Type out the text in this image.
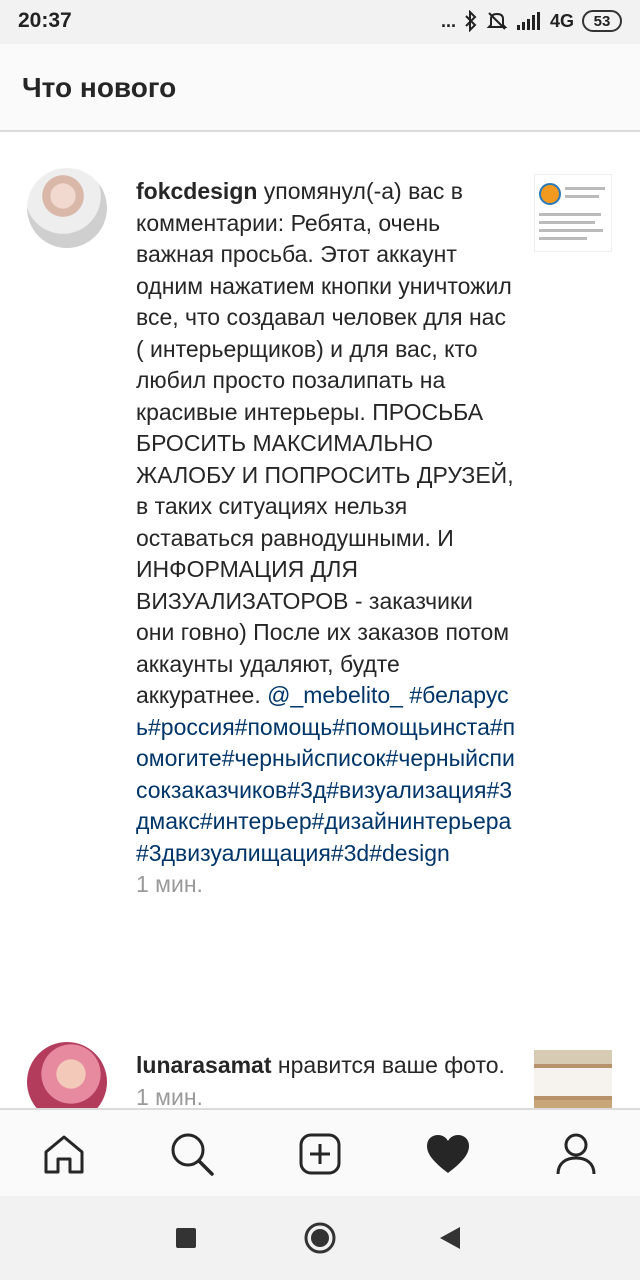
20:37	...	4G	53
Что нового

fokcdesign упомянул(-а) вас в комментарии: Ребята, очень важная просьба. Этот аккаунт одним нажатием кнопки уничтожил все, что создавал человек для нас ( интерьерщиков) и для вас, кто любил просто позалипать на красивые интерьеры. ПРОСЬБА БРОСИТЬ МАКСИМАЛЬНО ЖАЛОБУ И ПОПРОСИТЬ ДРУЗЕЙ, в таких ситуациях нельзя оставаться равнодушными. И ИНФОРМАЦИЯ ДЛЯ ВИЗУАЛИЗАТОРОВ - заказчики они говно) После их заказов потом аккаунты удаляют, будте аккуратнее. @_mebelito_ #беларусь#россия#помощь#помощьинста#помогите#черныйсписок#черныйсписокзаказчиков#3д#визуализация#3дмакс#интерьер#дизайнинтерьера#3двизуалищация#3d#design
1 мин.

lunarasamat нравится ваше фото. 1 мин.
